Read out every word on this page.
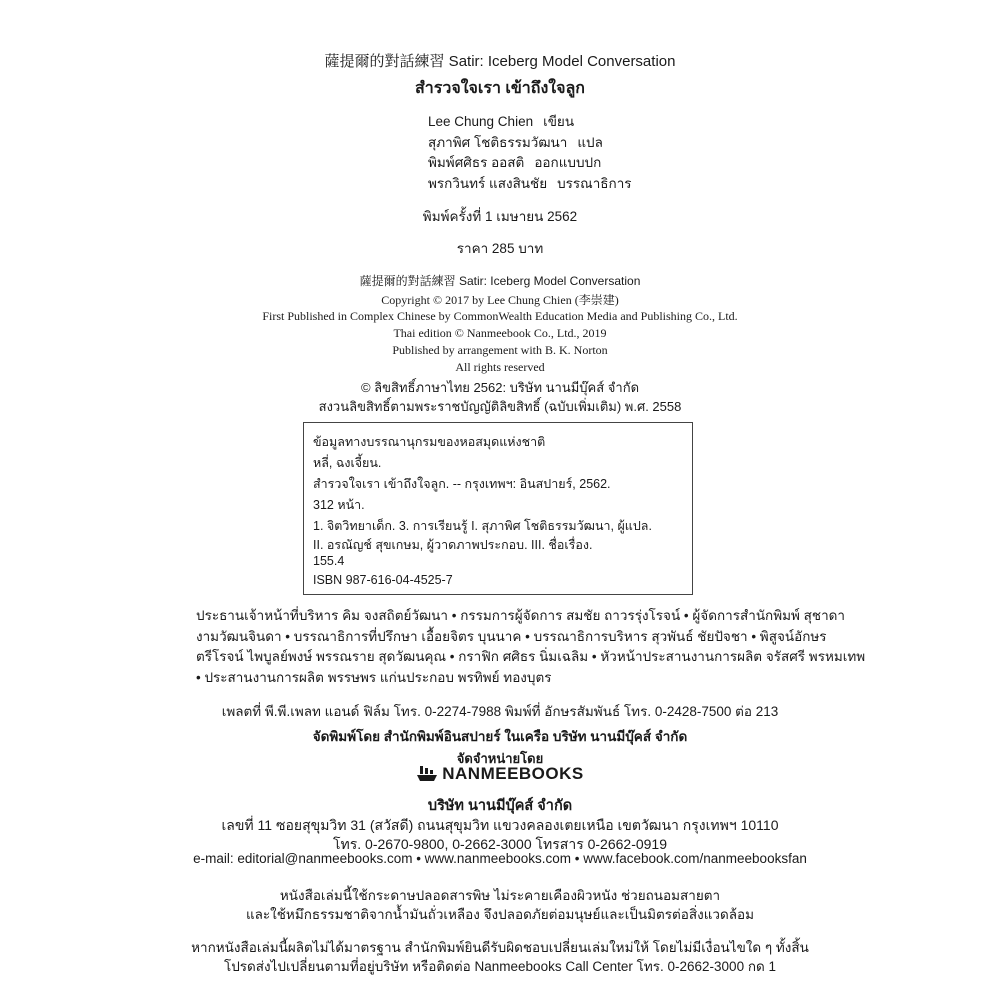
薩提爾的對話練習 Satir: Iceberg Model Conversation
สำรวจใจเรา เข้าถึงใจลูก
Lee Chung Chien เขียน
สุภาพิศ โชติธรรมวัฒนา แปล
พิมพ์ศศิธร ออสติ ออกแบบปก
พรกวินทร์ แสงสินชัย บรรณาธิการ
พิมพ์ครั้งที่ 1 เมษายน 2562
ราคา 285 บาท
薩提爾的對話練習 Satir: Iceberg Model Conversation
Copyright © 2017 by Lee Chung Chien (李崇建)
First Published in Complex Chinese by CommonWealth Education Media and Publishing Co., Ltd.
Thai edition © Nanmeebook Co., Ltd., 2019
Published by arrangement with B. K. Norton
All rights reserved
© ลิขสิทธิ์ภาษาไทย 2562: บริษัท นานมีบุ๊คส์ จำกัด
สงวนลิขสิทธิ์ตามพระราชบัญญัติลิขสิทธิ์ (ฉบับเพิ่มเติม) พ.ศ. 2558
ข้อมูลทางบรรณานุกรมของหอสมุดแห่งชาติ
หลี่, ฉงเจี้ยน.
สำรวจใจเรา เข้าถึงใจลูก. -- กรุงเทพฯ: อินสปายร์, 2562.
312 หน้า.
1. จิตวิทยาเด็ก. 3. การเรียนรู้ I. สุภาพิศ โชติธรรมวัฒนา, ผู้แปล.
II. อรณัญช์ สุขเกษม, ผู้วาดภาพประกอบ. III. ชื่อเรื่อง.
155.4
ISBN 987-616-04-4525-7
ประธานเจ้าหน้าที่บริหาร คิม จงสถิตย์วัฒนา • กรรมการผู้จัดการ สมชัย ถาวรรุ่งโรจน์ • ผู้จัดการสำนักพิมพ์ สุชาดา
งามวัฒนจินดา • บรรณาธิการที่ปรึกษา เอื้อยจิตร บุนนาค • บรรณาธิการบริหาร สุวพันธ์ ชัยปัจชา • พิสูจน์อักษร
ตรีโรจน์ ไพบูลย์พงษ์ พรรณราย สุดวัฒนคุณ • กราฟิก ศศิธร นิ่มเฉลิม • หัวหน้าประสานงานการผลิต จรัสศรี พรหมเทพ
• ประสานงานการผลิต พรรษพร แก่นประกอบ พรทิพย์ ทองบุตร
เพลตที่ พี.พี.เพลท แอนด์ ฟิล์ม โทร. 0-2274-7988 พิมพ์ที่ อักษรสัมพันธ์ โทร. 0-2428-7500 ต่อ 213
จัดพิมพ์โดย สำนักพิมพ์อินสปายร์ ในเครือ บริษัท นานมีบุ๊คส์ จำกัด
จัดจำหน่ายโดย
NANMEEBOOKS
บริษัท นานมีบุ๊คส์ จำกัด
เลขที่ 11 ซอยสุขุมวิท 31 (สวัสดี) ถนนสุขุมวิท แขวงคลองเตยเหนือ เขตวัฒนา กรุงเทพฯ 10110
โทร. 0-2670-9800, 0-2662-3000 โทรสาร 0-2662-0919
e-mail: editorial@nanmeebooks.com • www.nanmeebooks.com • www.facebook.com/nanmeebooksfan
หนังสือเล่มนี้ใช้กระดาษปลอดสารพิษ ไม่ระคายเคืองผิวหนัง ช่วยถนอมสายตา
และใช้หมึกธรรมชาติจากน้ำมันถั่วเหลือง จึงปลอดภัยต่อมนุษย์และเป็นมิตรต่อสิ่งแวดล้อม
หากหนังสือเล่มนี้ผลิตไม่ได้มาตรฐาน สำนักพิมพ์ยินดีรับผิดชอบเปลี่ยนเล่มใหม่ให้ โดยไม่มีเงื่อนไขใด ๆ ทั้งสิ้น
โปรดส่งไปเปลี่ยนตามที่อยู่บริษัท หรือติดต่อ Nanmeebooks Call Center โทร. 0-2662-3000 กด 1
